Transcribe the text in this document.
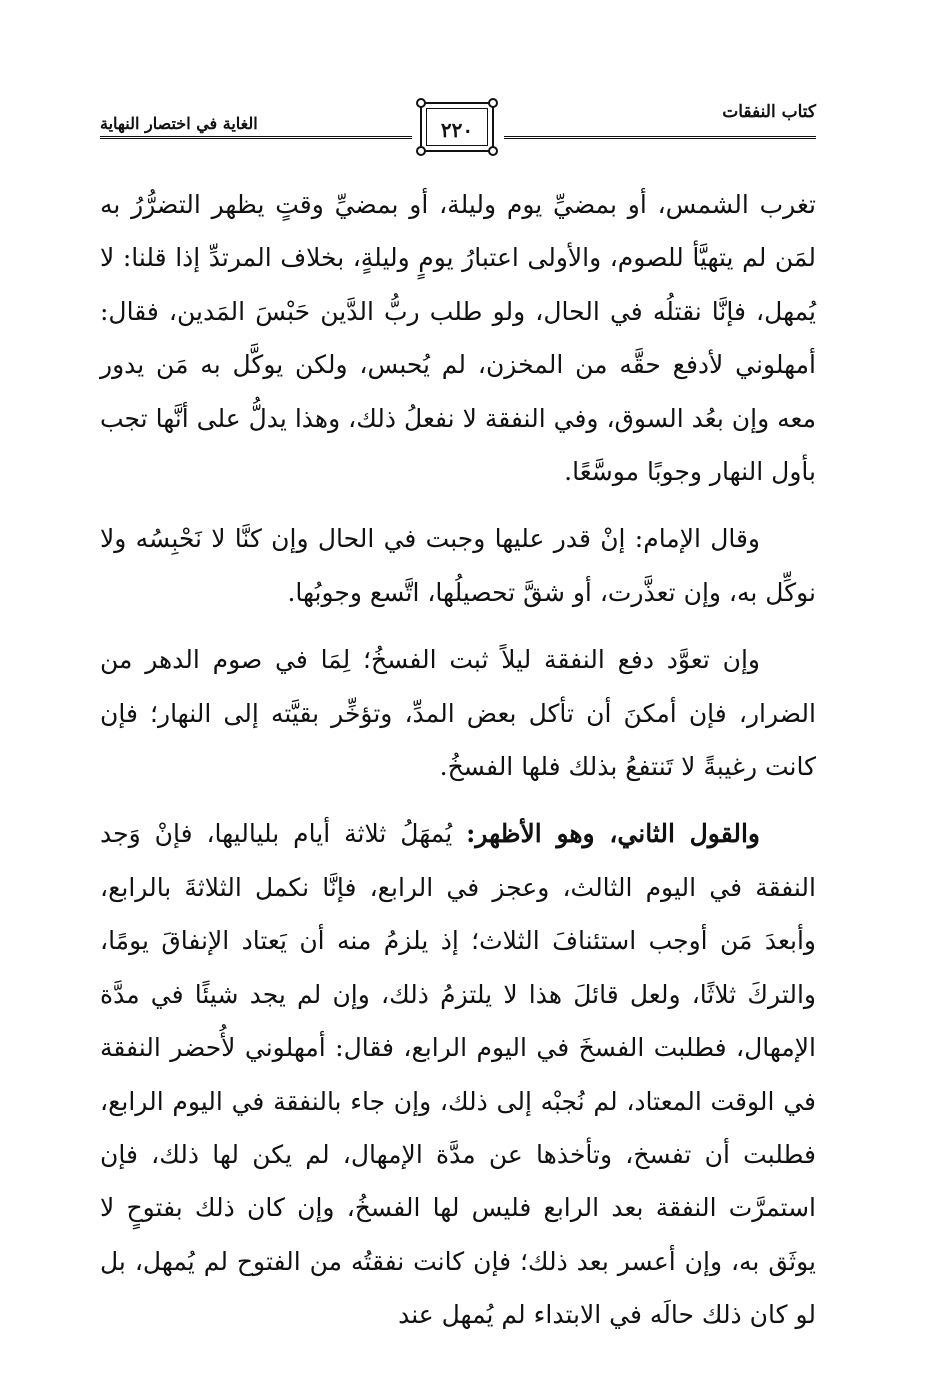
كتاب النفقات
الغاية في اختصار النهاية	٢٢٠

تغرب الشمس، أو بمضيِّ يوم وليلة، أو بمضيِّ وقتٍ يظهر التضرُّرُ به لمَن لم يتهيَّأ للصوم، والأولى اعتبارُ يومٍ وليلةٍ، بخلاف المرتدِّ إذا قلنا: لا يُمهل، فإنَّا نقتلُه في الحال، ولو طلب ربُّ الدَّين حَبْسَ المَدين، فقال: أمهلوني لأدفع حقَّه من المخزن، لم يُحبس، ولكن يوكَّل به مَن يدور معه وإن بعُد السوق، وفي النفقة لا نفعلُ ذلك، وهذا يدلُّ على أنَّها تجب بأول النهار وجوبًا موسَّعًا.

وقال الإمام: إنْ قدر عليها وجبت في الحال وإن كنَّا لا نَحْبِسُه ولا نوكِّل به، وإن تعذَّرت، أو شقَّ تحصيلُها، اتَّسع وجوبُها.

وإن تعوَّد دفع النفقة ليلاً ثبت الفسخُ؛ لِمَا في صوم الدهر من الضرار، فإن أمكنَ أن تأكل بعض المدِّ، وتؤخِّر بقيَّته إلى النهار؛ فإن كانت رغيبةً لا تَنتفعُ بذلك فلها الفسخُ.

والقول الثاني، وهو الأظهر: يُمهَلُ ثلاثة أيام بلياليها، فإنْ وَجد النفقة في اليوم الثالث، وعجز في الرابع، فإنَّا نكمل الثلاثةَ بالرابع، وأبعدَ مَن أوجب استئنافَ الثلاث؛ إذ يلزمُ منه أن يَعتاد الإنفاقَ يومًا، والتركَ ثلاثًا، ولعل قائلَ هذا لا يلتزمُ ذلك، وإن لم يجد شيئًا في مدَّة الإمهال، فطلبت الفسخَ في اليوم الرابع، فقال: أمهلوني لأُحضر النفقة في الوقت المعتاد، لم نُجبْه إلى ذلك، وإن جاء بالنفقة في اليوم الرابع، فطلبت أن تفسخ، وتأخذها عن مدَّة الإمهال، لم يكن لها ذلك، فإن استمرَّت النفقة بعد الرابع فليس لها الفسخُ، وإن كان ذلك بفتوحٍ لا يوثَق به، وإن أعسر بعد ذلك؛ فإن كانت نفقتُه من الفتوح لم يُمهل، بل لو كان ذلك حالَه في الابتداء لم يُمهل عند
